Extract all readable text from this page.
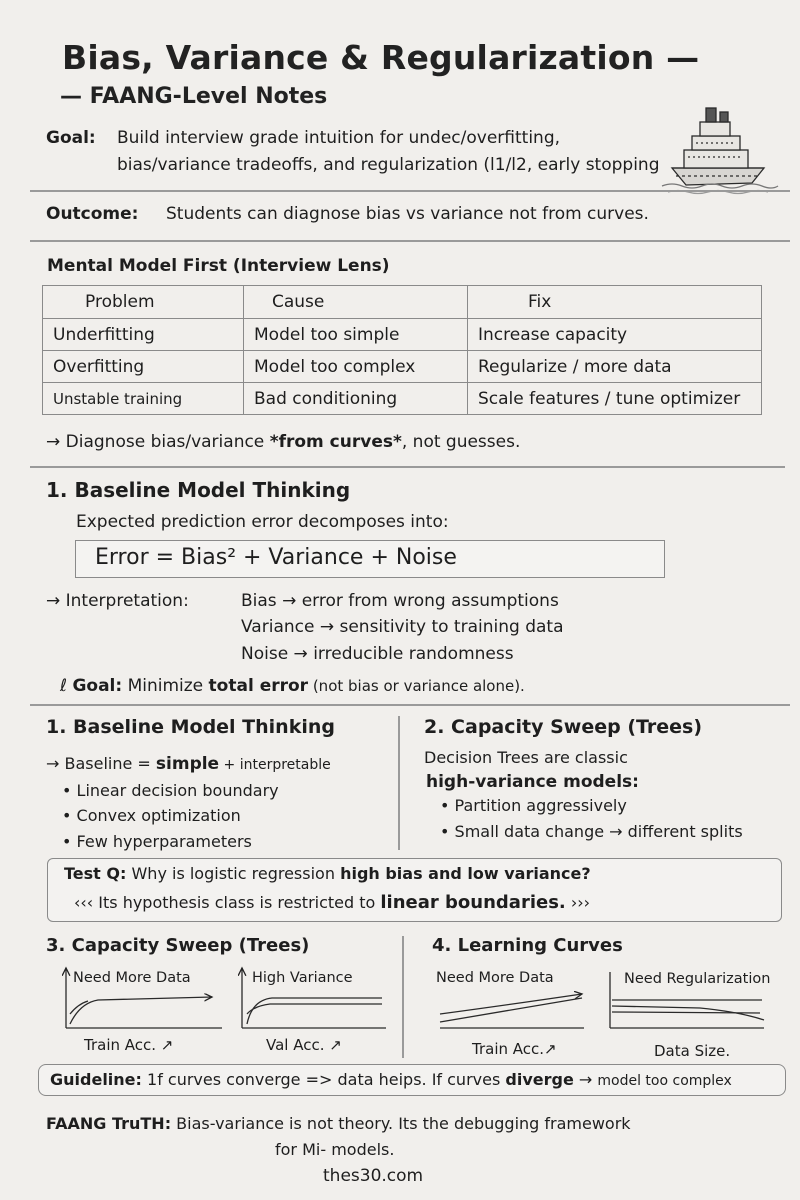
Bias, Variance & Regularization —
— FAANG-Level Notes
Goal: Build interview grade intuition for undec/overfitting,
bias/variance tradeoffs, and regularization (l1/l2, early stopping
Outcome: Students can diagnose bias vs variance not from curves.
Mental Model First (Interview Lens)
Problem	Cause	Fix
Underfitting	Model too simple	Increase capacity
Overfitting	Model too complex	Regularize / more data
Unstable training	Bad conditioning	Scale features / tune optimizer
→ Diagnose bias/variance *from curves*, not guesses.
1. Baseline Model Thinking
Expected prediction error decomposes into:
Error = Bias² + Variance + Noise
→ Interpretation:	Bias → error from wrong assumptions
Variance → sensitivity to training data
Noise → irreducible randomness
ℓ Goal: Minimize total error (not bias or variance alone).
1. Baseline Model Thinking
→ Baseline = simple + interpretable
• Linear decision boundary
• Convex optimization
• Few hyperparameters
2. Capacity Sweep (Trees)
Decision Trees are classic
high-variance models:
• Partition aggressively
• Small data change → different splits
Test Q: Why is logistic regression high bias and low variance?
‹‹‹ Its hypothesis class is restricted to linear boundaries. ›››
3. Capacity Sweep (Trees)	4. Learning Curves
Need More Data	High Variance	Need More Data	Need Regularization
Train Acc. ↗	Val Acc. ↗	Train Acc.↗	Data Size.
Guideline: 1f curves converge => data heips. If curves diverge → model too complex
FAANG TruTH: Bias-variance is not theory. Its the debugging framework
for Mi- models.
thes30.com
